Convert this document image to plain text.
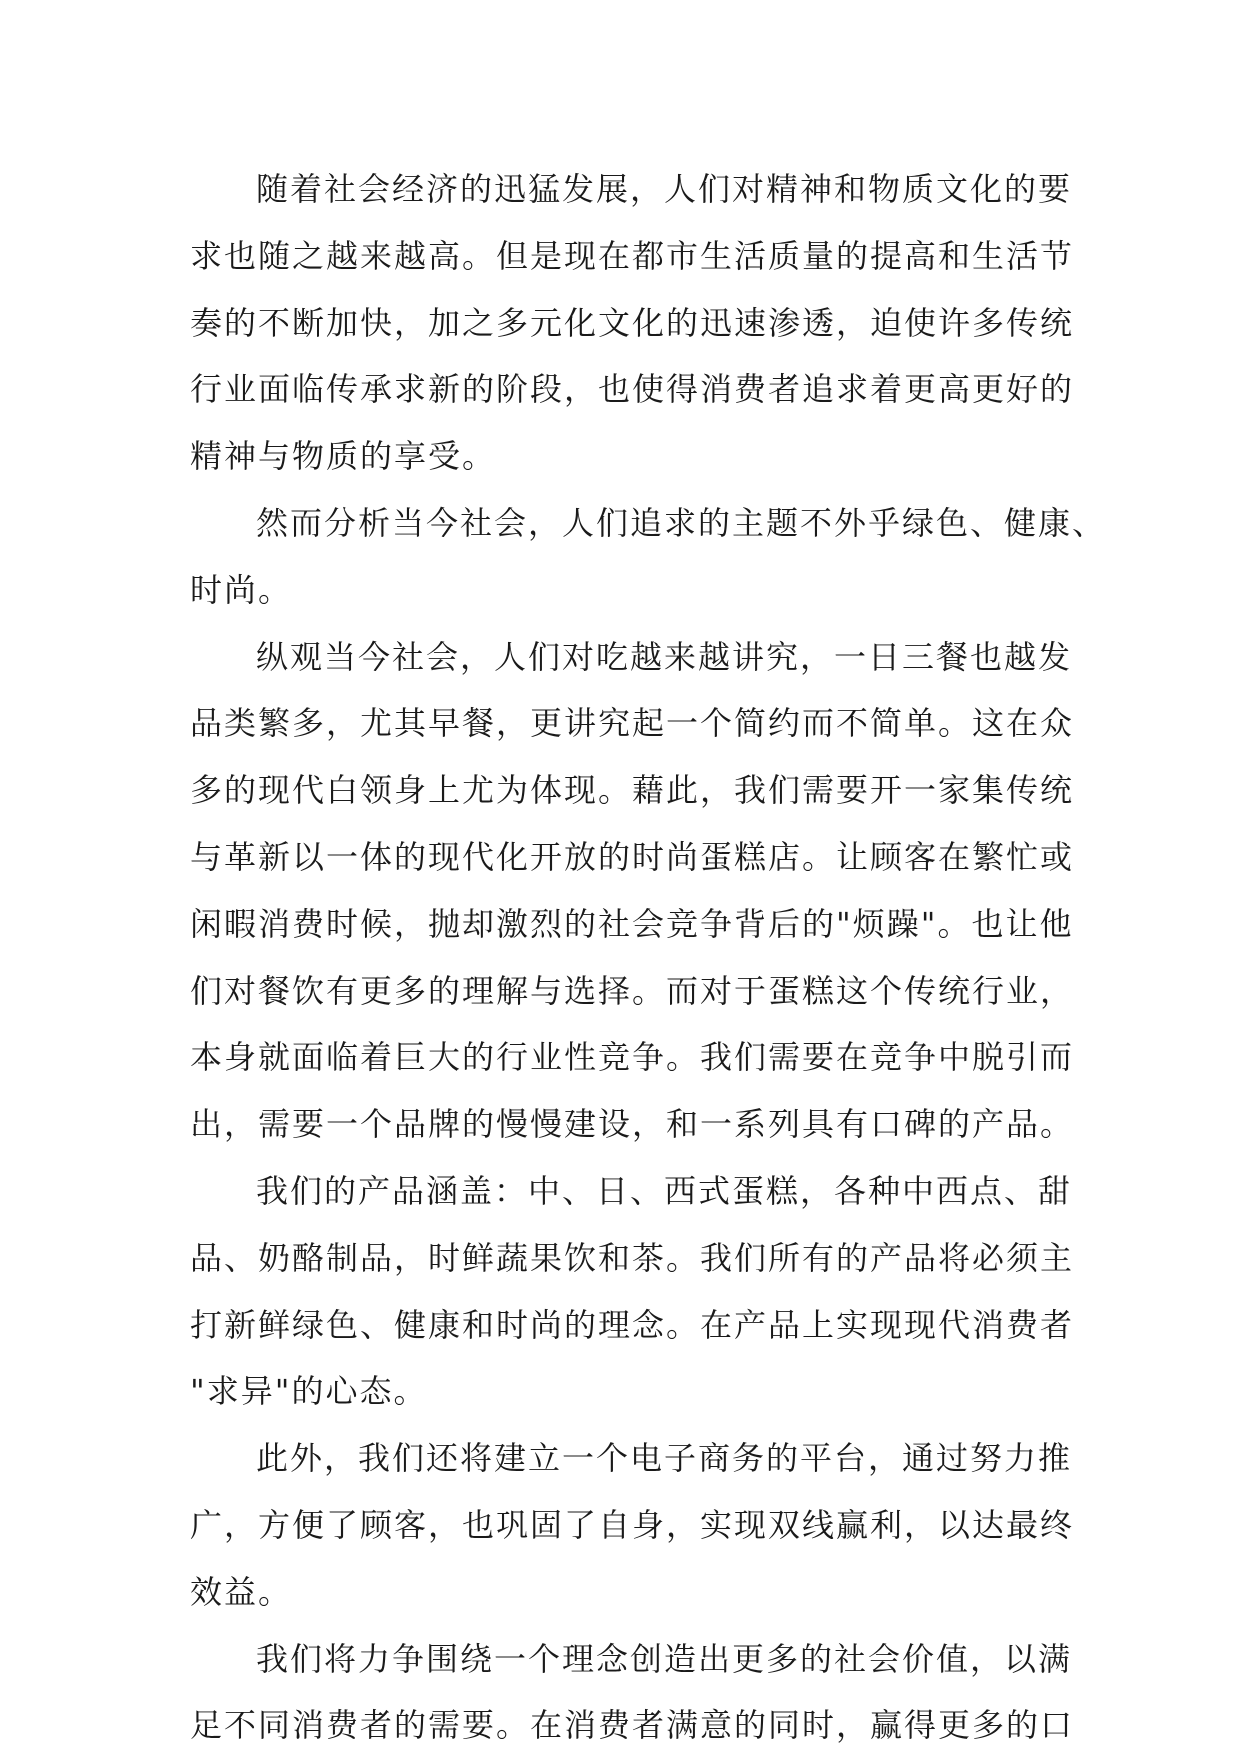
随着社会经济的迅猛发展，人们对精神和物质文化的要
求也随之越来越高。但是现在都市生活质量的提高和生活节
奏的不断加快，加之多元化文化的迅速渗透，迫使许多传统
行业面临传承求新的阶段，也使得消费者追求着更高更好的
精神与物质的享受。
然而分析当今社会，人们追求的主题不外乎绿色、健康、
时尚。
纵观当今社会，人们对吃越来越讲究，一日三餐也越发
品类繁多，尤其早餐，更讲究起一个简约而不简单。这在众
多的现代白领身上尤为体现。藉此，我们需要开一家集传统
与革新以一体的现代化开放的时尚蛋糕店。让顾客在繁忙或
闲暇消费时候，抛却激烈的社会竞争背后的"烦躁"。也让他
们对餐饮有更多的理解与选择。而对于蛋糕这个传统行业，
本身就面临着巨大的行业性竞争。我们需要在竞争中脱引而
出，需要一个品牌的慢慢建设，和一系列具有口碑的产品。
我们的产品涵盖：中、日、西式蛋糕，各种中西点、甜
品、奶酪制品，时鲜蔬果饮和茶。我们所有的产品将必须主
打新鲜绿色、健康和时尚的理念。在产品上实现现代消费者
"求异"的心态。
此外，我们还将建立一个电子商务的平台，通过努力推
广，方便了顾客，也巩固了自身，实现双线赢利，以达最终
效益。
我们将力争围绕一个理念创造出更多的社会价值，以满
足不同消费者的需要。在消费者满意的同时，赢得更多的口
